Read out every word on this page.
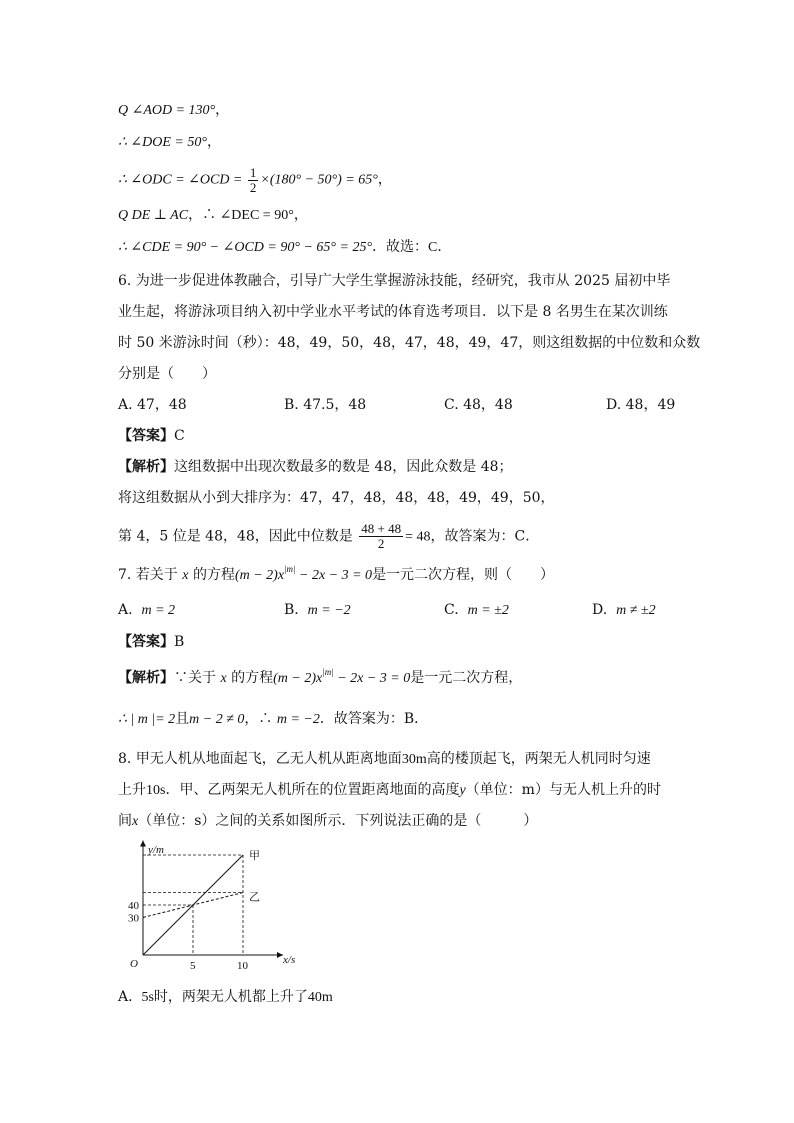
Q ∠AOD = 130°，
∴ ∠DOE = 50°，
∴ ∠ODC = ∠OCD = $\frac{1}{2} \times(180^\circ - 50^\circ) = 65^\circ$，
Q DE ⊥ AC，∴ ∠DEC = 90°，
∴ ∠CDE = 90° − ∠OCD = 90° − 65° = 25°．故选：C．
6. 为进一步促进体教融合，引导广大学生掌握游泳技能，经研究，我市从 2025 届初中毕
业生起，将游泳项目纳入初中学业水平考试的体育选考项目．以下是 8 名男生在某次训练
时 50 米游泳时间（秒）：48，49，50，48，47，48，49，47，则这组数据的中位数和众数
分别是（　　）
A. 47，48	B. 47.5，48	C. 48，48	D. 48，49
【答案】C
【解析】这组数据中出现次数最多的数是 48，因此众数是 48；
将这组数据从小到大排序为：47，47，48，48，48，49，49，50，
第 4，5 位是 48，48，因此中位数是 $\frac{48 + 48}{2} = 48$，故答案为：C．
7. 若关于 x 的方程$(m - 2)x^{|m|} - 2x - 3 = 0$是一元二次方程，则（　　）
A. m = 2	B. m = −2	C. m = ±2	D. m ≠ ±2
【答案】B
【解析】∵关于 x 的方程$(m - 2)x^{|m|} - 2x - 3 = 0$是一元二次方程，
∴ | m |= 2且m − 2 ≠ 0，∴ m = −2．故答案为：B．
8. 甲无人机从地面起飞，乙无人机从距离地面30m高的楼顶起飞，两架无人机同时匀速
上升10s．甲、乙两架无人机所在的位置距离地面的高度y（单位：m）与无人机上升的时
间x（单位：s）之间的关系如图所示．下列说法正确的是（　　　）
y/m
x/s
O
甲
乙
5	10
40
30
A. 5s时，两架无人机都上升了40m
